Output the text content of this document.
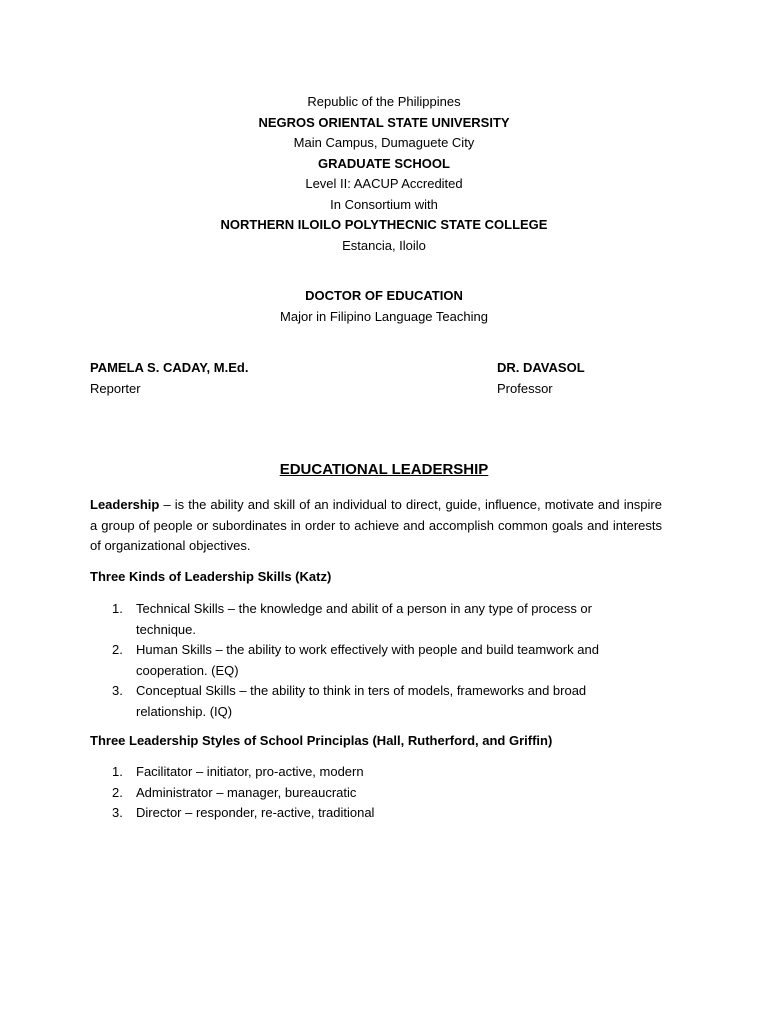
Republic of the Philippines
NEGROS ORIENTAL STATE UNIVERSITY
Main Campus, Dumaguete City
GRADUATE SCHOOL
Level II: AACUP Accredited
In Consortium with
NORTHERN ILOILO POLYTHECNIC STATE COLLEGE
Estancia, Iloilo
DOCTOR OF EDUCATION
Major in Filipino Language Teaching
PAMELA S. CADAY, M.Ed.
Reporter
DR. DAVASOL
Professor
EDUCATIONAL LEADERSHIP
Leadership – is the ability and skill of an individual to direct, guide, influence, motivate and inspire a group of people or subordinates in order to achieve and accomplish common goals and interests of organizational objectives.
Three Kinds of Leadership Skills (Katz)
1. Technical Skills – the knowledge and abilit of a person in any type of process or technique.
2. Human Skills – the ability to work effectively with people and build teamwork and cooperation. (EQ)
3. Conceptual Skills – the ability to think in ters of models, frameworks and broad relationship. (IQ)
Three Leadership Styles of School Principlas (Hall, Rutherford, and Griffin)
1. Facilitator – initiator, pro-active, modern
2. Administrator – manager, bureaucratic
3. Director – responder, re-active, traditional
